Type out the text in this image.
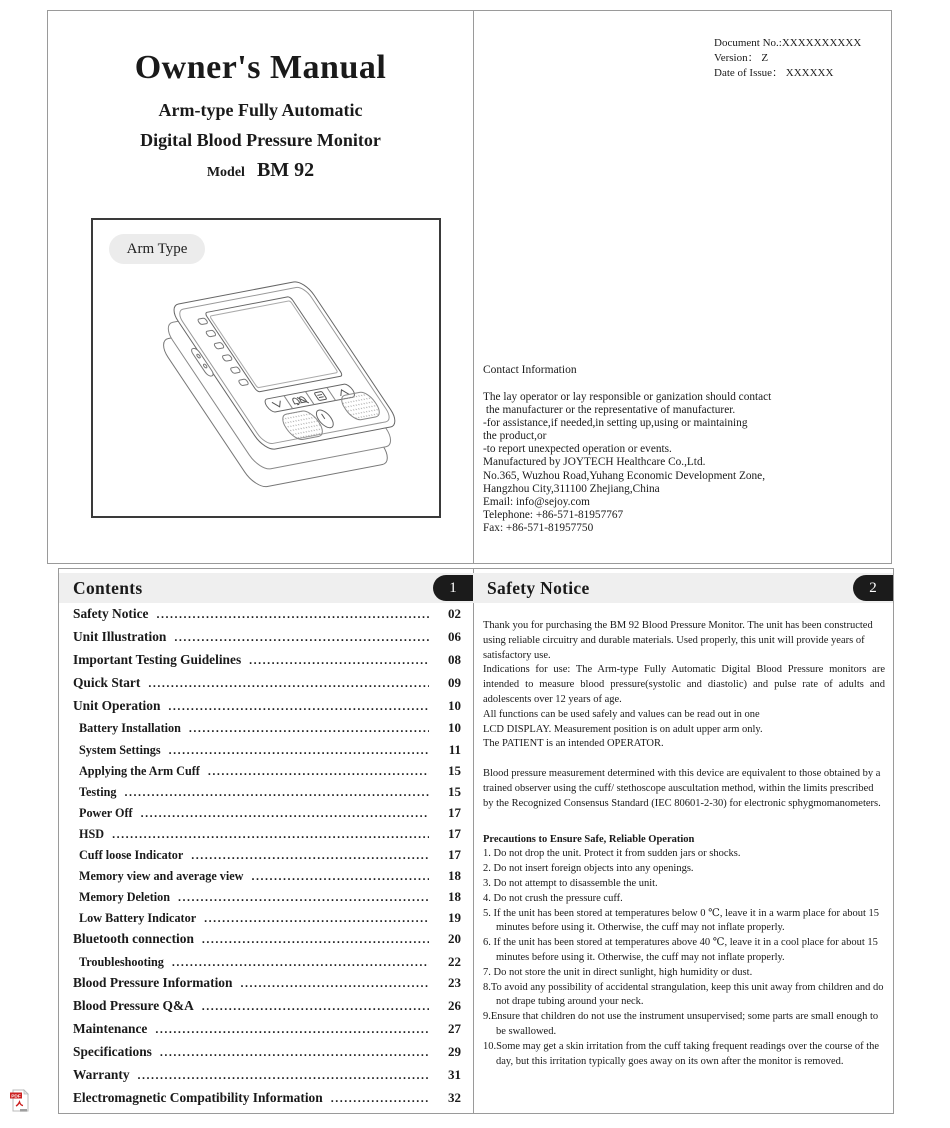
Owner's Manual
Arm-type Fully Automatic
Digital Blood Pressure Monitor
Model BM 92
Arm Type
Document No.:XXXXXXXXXX
Version： Z
Date of Issue： XXXXXX
Contact Information
The lay operator or lay responsible or ganization should contact
the manufacturer or the representative of manufacturer.
-for assistance,if needed,in setting up,using or maintaining
the product,or
-to report unexpected operation or events.
Manufactured by JOYTECH Healthcare Co.,Ltd.
No.365, Wuzhou Road,Yuhang Economic Development Zone,
Hangzhou City,311100 Zhejiang,China
Email: info@sejoy.com
Telephone: +86-571-81957767
Fax: +86-571-81957750
Contents	1
Safety Notice .....	02
Unit Illustration .....	06
Important Testing Guidelines .....	08
Quick Start .....	09
Unit Operation .....	10
Battery Installation .....	10
System Settings .....	11
Applying the Arm Cuff .....	15
Testing .....	15
Power Off .....	17
HSD .....	17
Cuff loose Indicator .....	17
Memory view and average view .....	18
Memory Deletion .....	18
Low Battery Indicator .....	19
Bluetooth connection .....	20
Troubleshooting .....	22
Blood Pressure Information .....	23
Blood Pressure Q&A .....	26
Maintenance .....	27
Specifications .....	29
Warranty .....	31
Electromagnetic Compatibility Information .....	32
Safety Notice	2

Thank you for purchasing the BM 92 Blood Pressure Monitor. The unit has been constructed using reliable circuitry and durable materials. Used properly, this unit will provide years of satisfactory use.

Indications for use: The Arm-type Fully Automatic Digital Blood Pressure monitors are intended to measure blood pressure(systolic and diastolic) and pulse rate of adults and adolescents over 12 years of age.

All functions can be used safely and values can be read out in one

LCD DISPLAY. Measurement position is on adult upper arm only.

The PATIENT is an intended OPERATOR.

Blood pressure measurement determined with this device are equivalent to those obtained by a trained observer using the cuff/ stethoscope auscultation method, within the limits prescribed by the Recognized Consensus Standard (IEC 80601-2-30) for electronic sphygmomanometers.

Precautions to Ensure Safe, Reliable Operation
1. Do not drop the unit. Protect it from sudden jars or shocks.
2. Do not insert foreign objects into any openings.
3. Do not attempt to disassemble the unit.
4. Do not crush the pressure cuff.
5. If the unit has been stored at temperatures below 0 ℃, leave it in a warm place for about 15 minutes before using it. Otherwise, the cuff may not inflate properly.
6. If the unit has been stored at temperatures above 40 ℃, leave it in a cool place for about 15 minutes before using it. Otherwise, the cuff may not inflate properly.
7. Do not store the unit in direct sunlight, high humidity or dust.
8.To avoid any possibility of accidental strangulation, keep this unit away from children and do not drape tubing around your neck.
9.Ensure that children do not use the instrument unsupervised; some parts are small enough to be swallowed.
10.Some may get a skin irritation from the cuff taking frequent readings over the course of the day, but this irritation typically goes away on its own after the monitor is removed.
PDF
